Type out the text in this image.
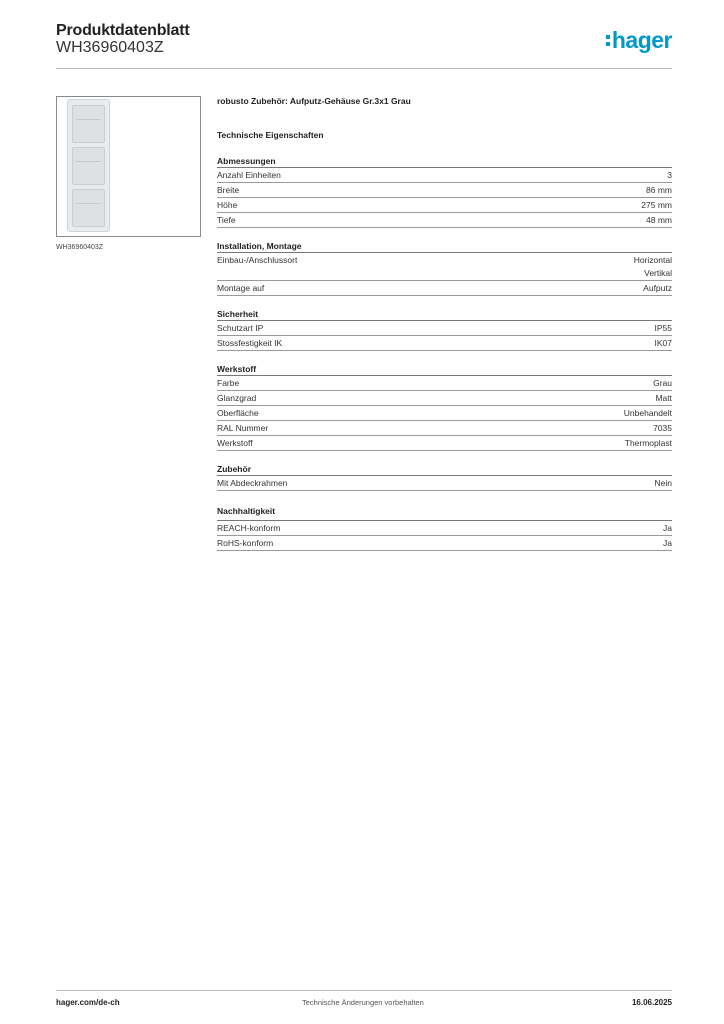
Produktdatenblatt
WH36960403Z	hager
WH36960403Z
robusto Zubehör: Aufputz-Gehäuse Gr.3x1 Grau
Technische Eigenschaften
Abmessungen
Anzahl Einheiten	3
Breite	86 mm
Höhe	275 mm
Tiefe	48 mm
Installation, Montage
Einbau-/Anschlussort	Horizontal
Vertikal
Montage auf	Aufputz
Sicherheit
Schutzart IP	IP55
Stossfestigkeit IK	IK07
Werkstoff
Farbe	Grau
Glanzgrad	Matt
Oberfläche	Unbehandelt
RAL Nummer	7035
Werkstoff	Thermoplast
Zubehör
Mit Abdeckrahmen	Nein
Nachhaltigkeit
REACH-konform	Ja
RoHS-konform	Ja
hager.com/de-ch	Technische Änderungen vorbehalten	16.06.2025
